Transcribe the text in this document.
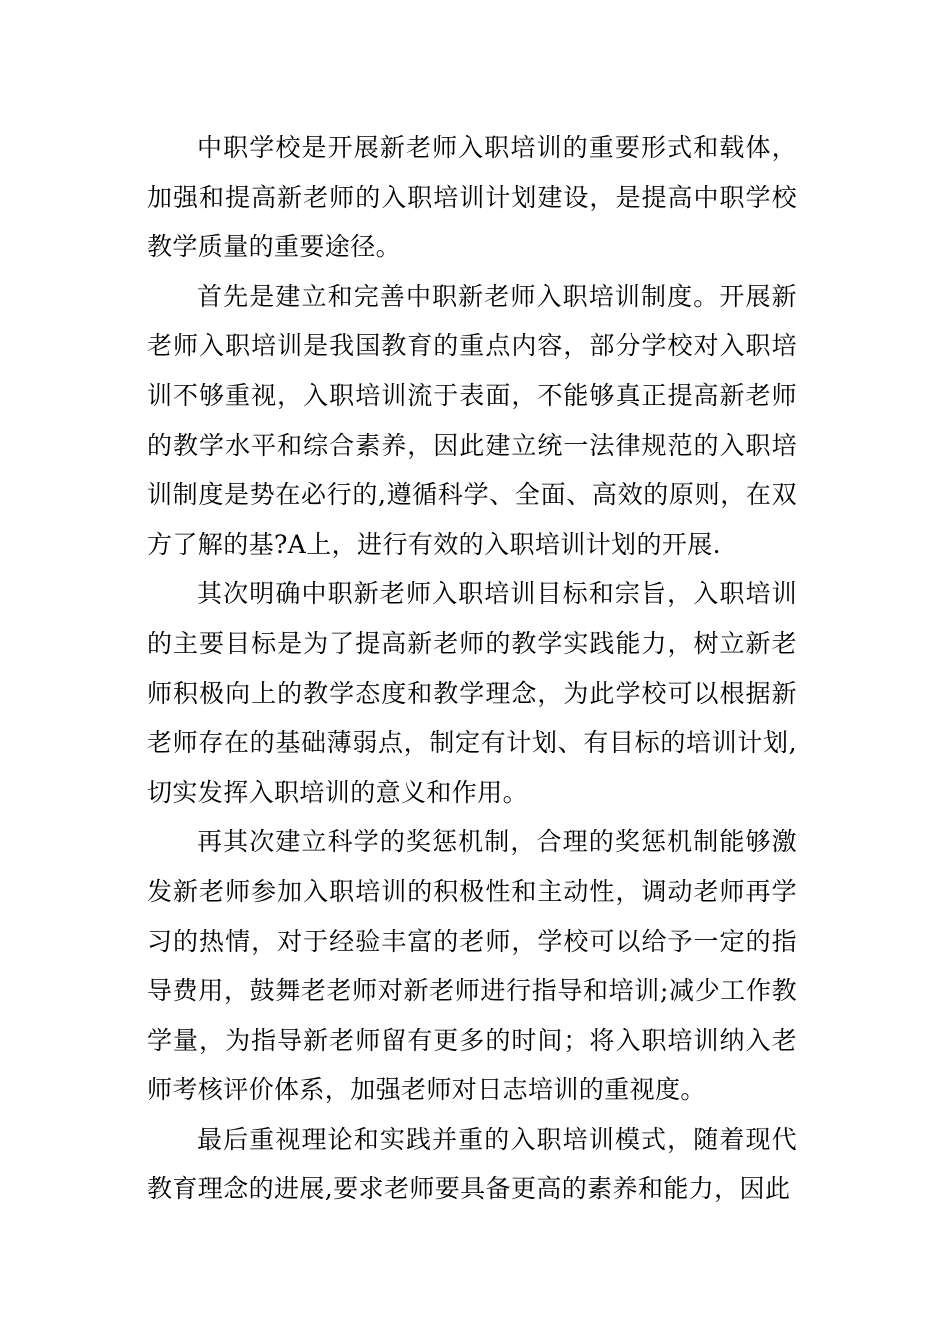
中职学校是开展新老师入职培训的重要形式和载体，加强和提高新老师的入职培训计划建设，是提高中职学校教学质量的重要途径。

首先是建立和完善中职新老师入职培训制度。开展新老师入职培训是我国教育的重点内容，部分学校对入职培训不够重视，入职培训流于表面，不能够真正提高新老师的教学水平和综合素养，因此建立统一法律规范的入职培训制度是势在必行的,遵循科学、全面、高效的原则，在双方了解的基?A上，进行有效的入职培训计划的开展.

其次明确中职新老师入职培训目标和宗旨，入职培训的主要目标是为了提高新老师的教学实践能力，树立新老师积极向上的教学态度和教学理念，为此学校可以根据新老师存在的基础薄弱点，制定有计划、有目标的培训计划,切实发挥入职培训的意义和作用。

再其次建立科学的奖惩机制，合理的奖惩机制能够激发新老师参加入职培训的积极性和主动性，调动老师再学习的热情，对于经验丰富的老师，学校可以给予一定的指导费用，鼓舞老老师对新老师进行指导和培训;减少工作教学量，为指导新老师留有更多的时间；将入职培训纳入老师考核评价体系，加强老师对日志培训的重视度。

最后重视理论和实践并重的入职培训模式，随着现代教育理念的进展,要求老师要具备更高的素养和能力，因此
